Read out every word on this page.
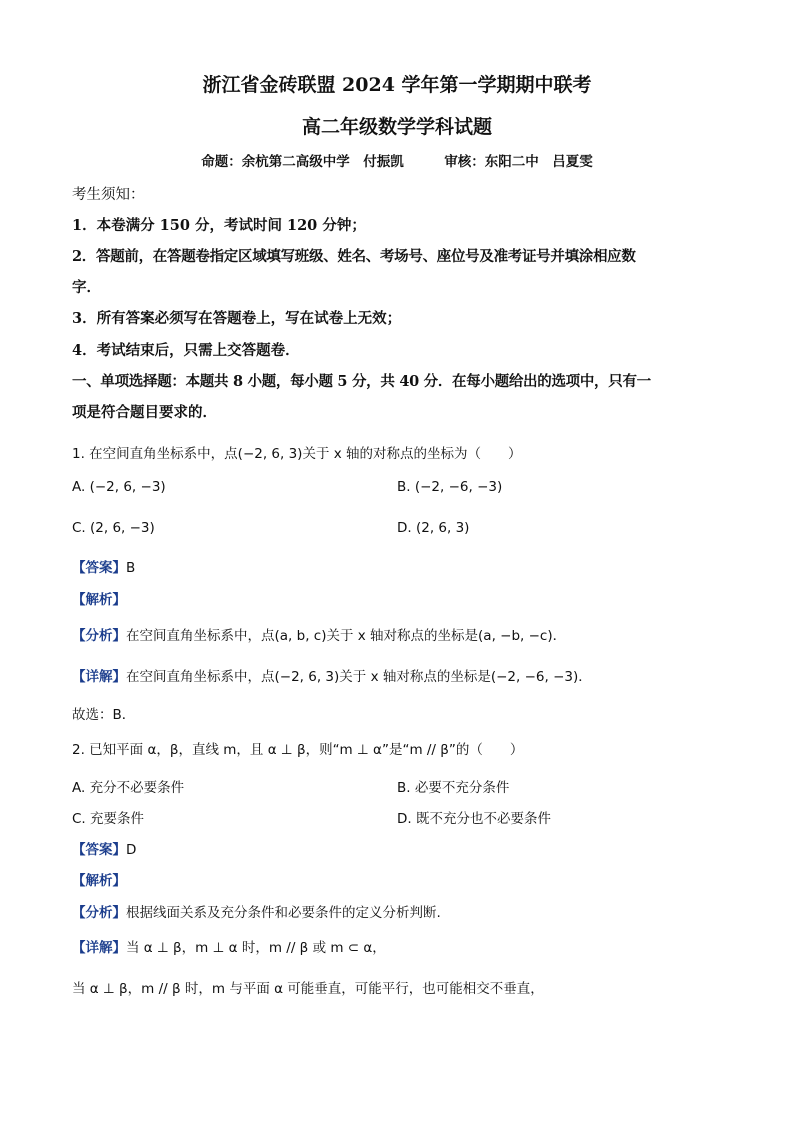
浙江省金砖联盟 2024 学年第一学期期中联考
高二年级数学学科试题
命题：余杭第二高级中学　付振凯　　　审核：东阳二中　吕夏雯
考生须知：
1．本卷满分 150 分，考试时间 120 分钟；
2．答题前，在答题卷指定区域填写班级、姓名、考场号、座位号及准考证号并填涂相应数
字．
3．所有答案必须写在答题卷上，写在试卷上无效；
4．考试结束后，只需上交答题卷．
一、单项选择题：本题共 8 小题，每小题 5 分，共 40 分．在每小题给出的选项中，只有一
项是符合题目要求的．
1. 在空间直角坐标系中，点(−2, 6, 3)关于 x 轴的对称点的坐标为（　　）
A. (−2, 6, −3)	B. (−2, −6, −3)
C. (2, 6, −3)	D. (2, 6, 3)
【答案】B
【解析】
【分析】在空间直角坐标系中，点(a, b, c)关于 x 轴对称点的坐标是(a, −b, −c)．
【详解】在空间直角坐标系中，点(−2, 6, 3)关于 x 轴对称点的坐标是(−2, −6, −3)．
故选：B．
2. 已知平面 α，β，直线 m，且 α ⊥ β，则“m ⊥ α”是“m // β”的（　　）
A. 充分不必要条件	B. 必要不充分条件
C. 充要条件	D. 既不充分也不必要条件
【答案】D
【解析】
【分析】根据线面关系及充分条件和必要条件的定义分析判断.
【详解】当 α ⊥ β，m ⊥ α 时，m // β 或 m ⊂ α，
当 α ⊥ β，m // β 时，m 与平面 α 可能垂直，可能平行，也可能相交不垂直，
